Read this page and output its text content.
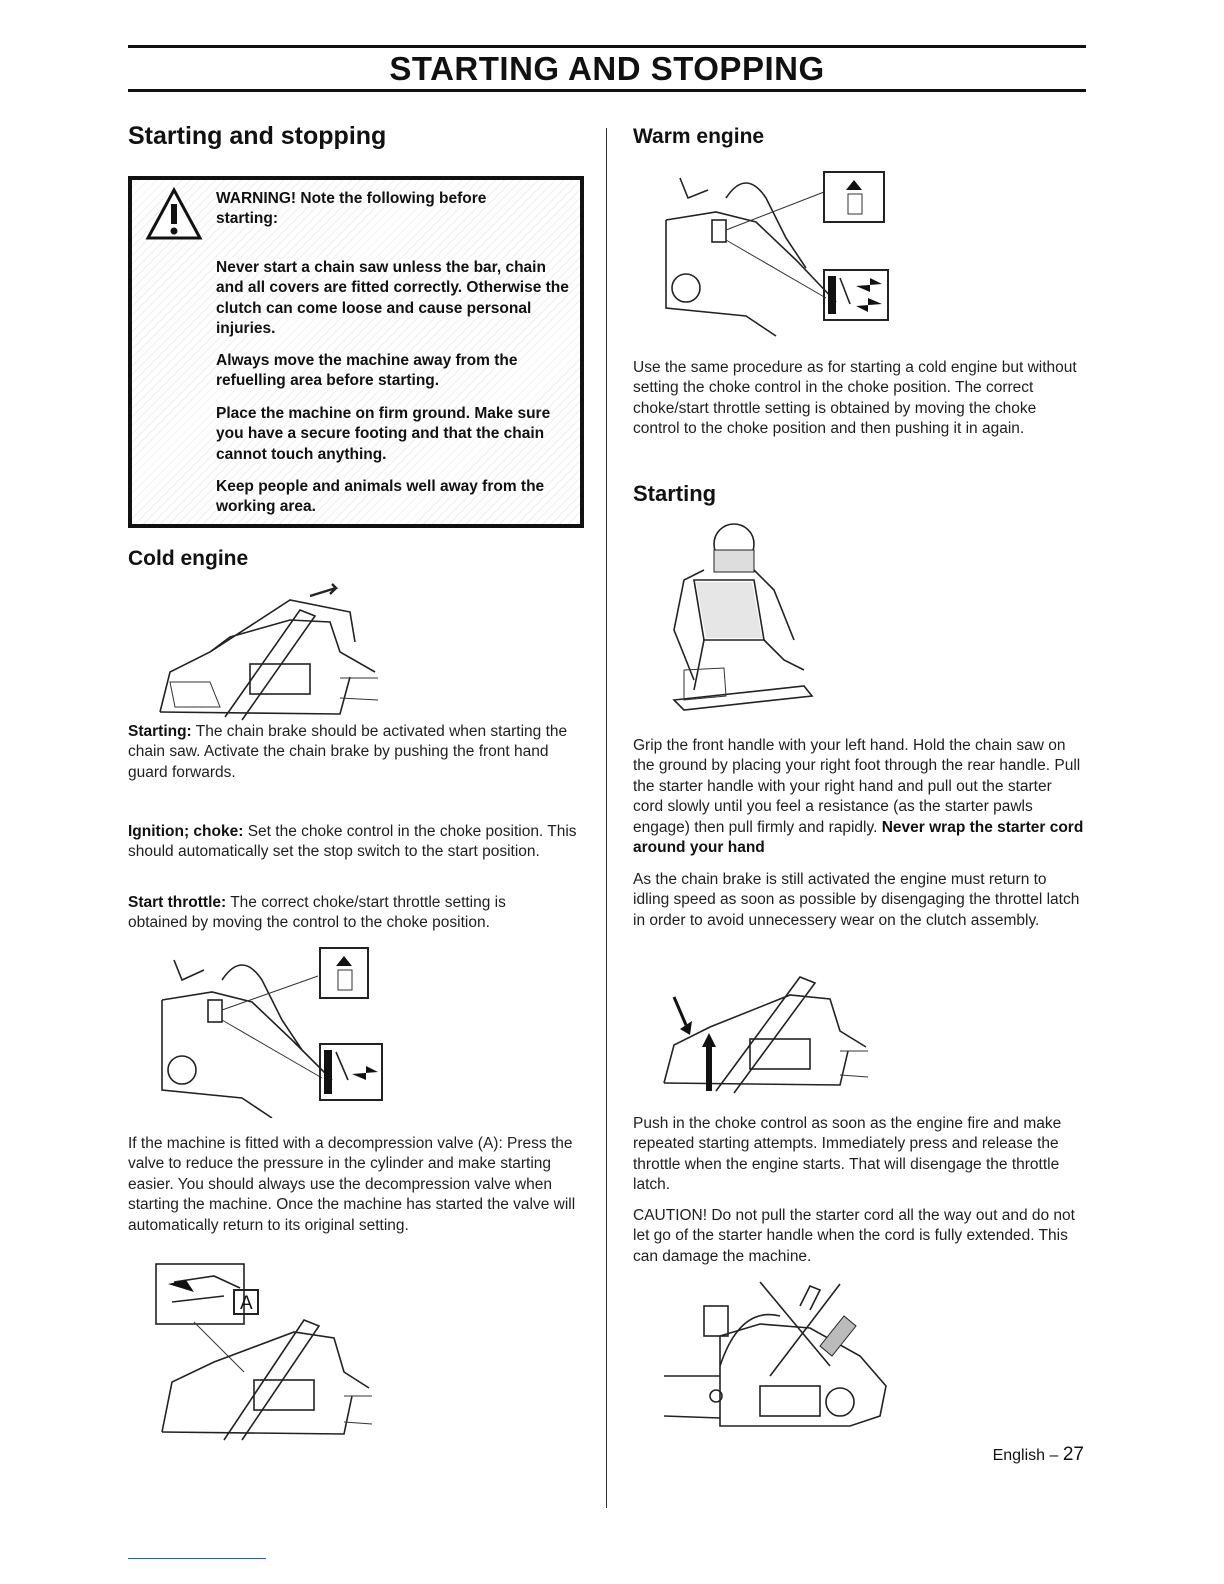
STARTING AND STOPPING
Starting and stopping

WARNING! Note the following before starting:

Never start a chain saw unless the bar, chain and all covers are fitted correctly. Otherwise the clutch can come loose and cause personal injuries.

Always move the machine away from the refuelling area before starting.

Place the machine on firm ground. Make sure you have a secure footing and that the chain cannot touch anything.

Keep people and animals well away from the working area.

Cold engine

Starting: The chain brake should be activated when starting the chain saw. Activate the chain brake by pushing the front hand guard forwards.

Ignition; choke: Set the choke control in the choke position. This should automatically set the stop switch to the start position.

Start throttle: The correct choke/start throttle setting is obtained by moving the control to the choke position.

If the machine is fitted with a decompression valve (A): Press the valve to reduce the pressure in the cylinder and make starting easier. You should always use the decompression valve when starting the machine. Once the machine has started the valve will automatically return to its original setting.

A
Warm engine

Use the same procedure as for starting a cold engine but without setting the choke control in the choke position. The correct choke/start throttle setting is obtained by moving the choke control to the choke position and then pushing it in again.

Starting

Grip the front handle with your left hand. Hold the chain saw on the ground by placing your right foot through the rear handle. Pull the starter handle with your right hand and pull out the starter cord slowly until you feel a resistance (as the starter pawls engage) then pull firmly and rapidly. Never wrap the starter cord around your hand

As the chain brake is still activated the engine must return to idling speed as soon as possible by disengaging the throttel latch in order to avoid unnecessery wear on the clutch assembly.

Push in the choke control as soon as the engine fire and make repeated starting attempts. Immediately press and release the throttle when the engine starts. That will disengage the throttle latch.

CAUTION! Do not pull the starter cord all the way out and do not let go of the starter handle when the cord is fully extended. This can damage the machine.

English – 27
